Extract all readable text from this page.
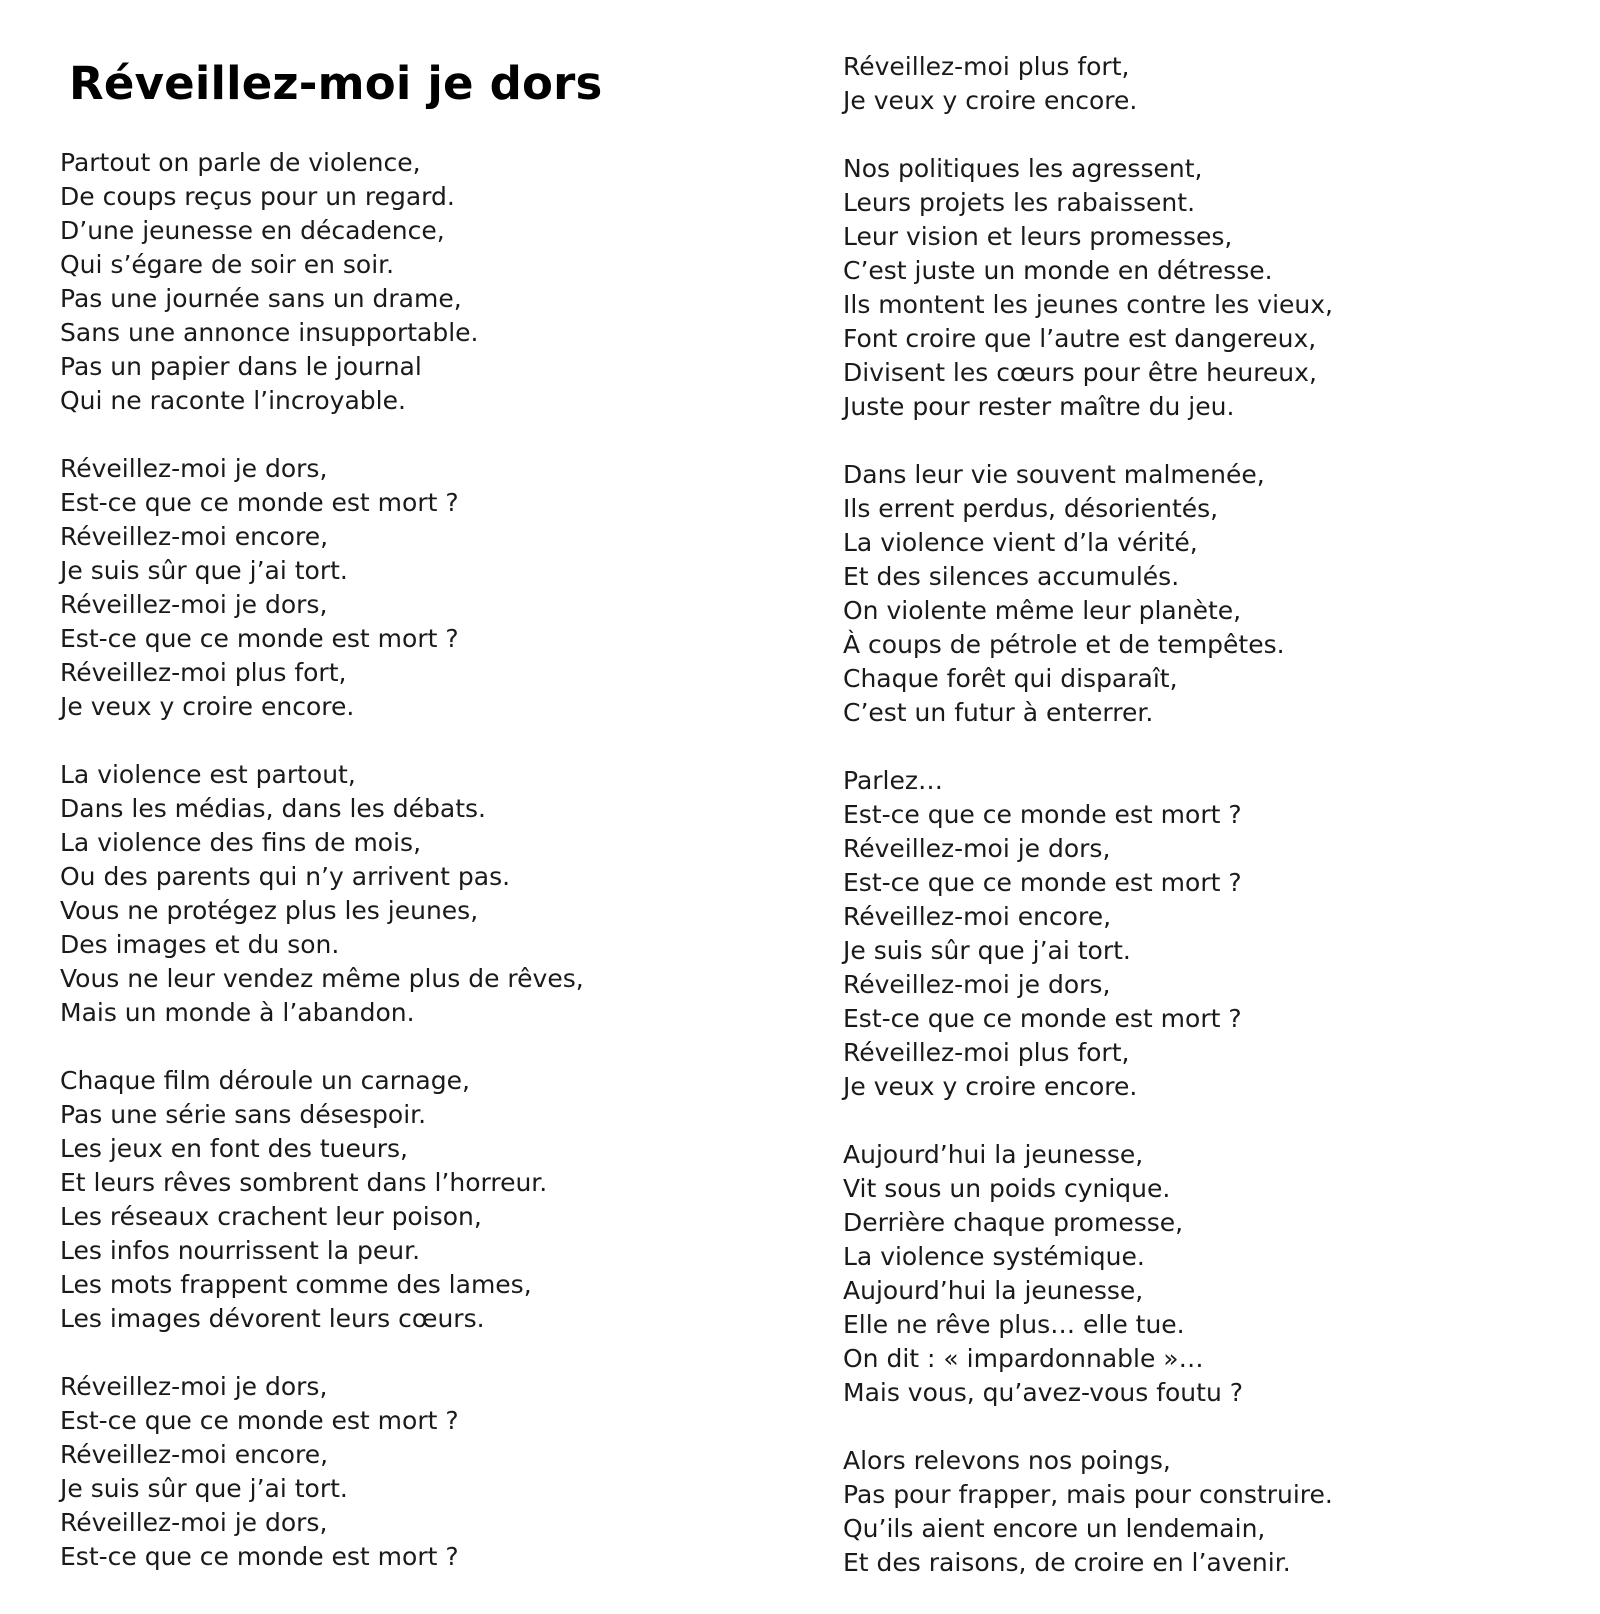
Réveillez-moi je dors

Partout on parle de violence,
De coups reçus pour un regard.
D’une jeunesse en décadence,
Qui s’égare de soir en soir.
Pas une journée sans un drame,
Sans une annonce insupportable.
Pas un papier dans le journal
Qui ne raconte l’incroyable.

Réveillez-moi je dors,
Est-ce que ce monde est mort ?
Réveillez-moi encore,
Je suis sûr que j’ai tort.
Réveillez-moi je dors,
Est-ce que ce monde est mort ?
Réveillez-moi plus fort,
Je veux y croire encore.

La violence est partout,
Dans les médias, dans les débats.
La violence des fins de mois,
Ou des parents qui n’y arrivent pas.
Vous ne protégez plus les jeunes,
Des images et du son.
Vous ne leur vendez même plus de rêves,
Mais un monde à l’abandon.

Chaque film déroule un carnage,
Pas une série sans désespoir.
Les jeux en font des tueurs,
Et leurs rêves sombrent dans l’horreur.
Les réseaux crachent leur poison,
Les infos nourrissent la peur.
Les mots frappent comme des lames,
Les images dévorent leurs cœurs.

Réveillez-moi je dors,
Est-ce que ce monde est mort ?
Réveillez-moi encore,
Je suis sûr que j’ai tort.
Réveillez-moi je dors,
Est-ce que ce monde est mort ?

Réveillez-moi plus fort,
Je veux y croire encore.

Nos politiques les agressent,
Leurs projets les rabaissent.
Leur vision et leurs promesses,
C’est juste un monde en détresse.
Ils montent les jeunes contre les vieux,
Font croire que l’autre est dangereux,
Divisent les cœurs pour être heureux,
Juste pour rester maître du jeu.

Dans leur vie souvent malmenée,
Ils errent perdus, désorientés,
La violence vient d’la vérité,
Et des silences accumulés.
On violente même leur planète,
À coups de pétrole et de tempêtes.
Chaque forêt qui disparaît,
C’est un futur à enterrer.

Parlez…
Est-ce que ce monde est mort ?
Réveillez-moi je dors,
Est-ce que ce monde est mort ?
Réveillez-moi encore,
Je suis sûr que j’ai tort.
Réveillez-moi je dors,
Est-ce que ce monde est mort ?
Réveillez-moi plus fort,
Je veux y croire encore.

Aujourd’hui la jeunesse,
Vit sous un poids cynique.
Derrière chaque promesse,
La violence systémique.
Aujourd’hui la jeunesse,
Elle ne rêve plus… elle tue.
On dit : « impardonnable »…
Mais vous, qu’avez-vous foutu ?

Alors relevons nos poings,
Pas pour frapper, mais pour construire.
Qu’ils aient encore un lendemain,
Et des raisons, de croire en l’avenir.
